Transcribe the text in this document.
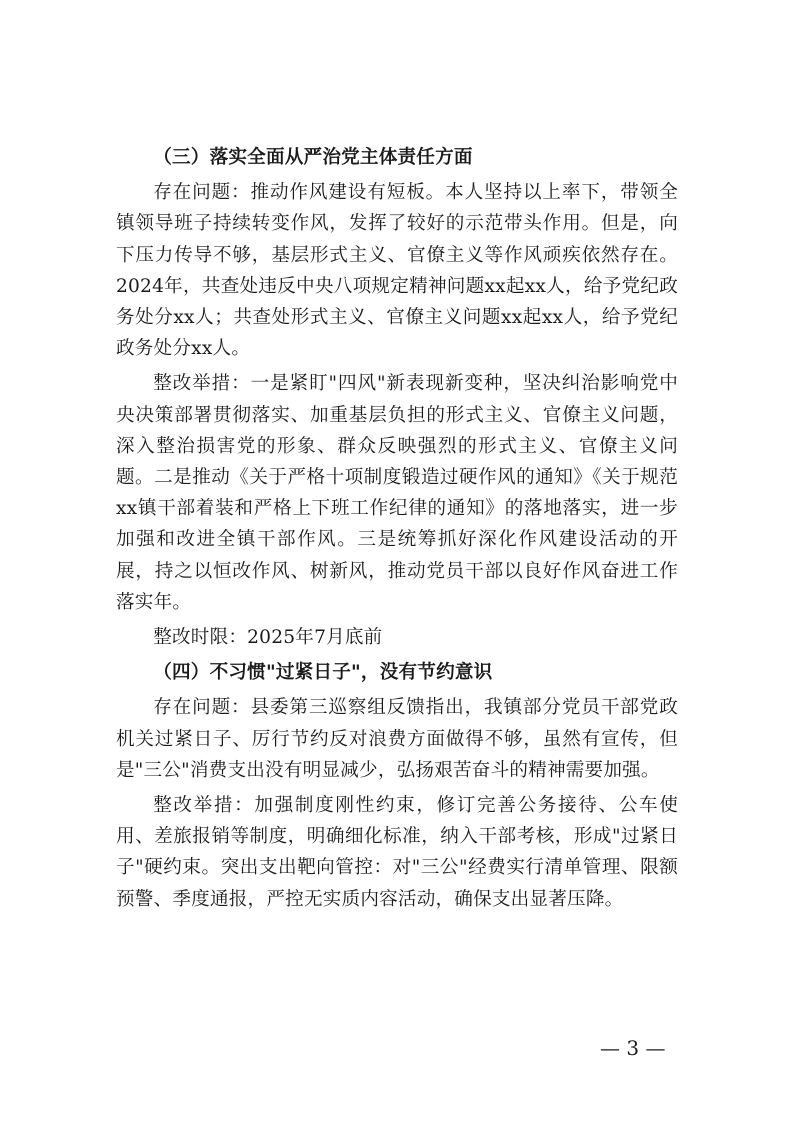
（三）落实全面从严治党主体责任方面

存在问题：推动作风建设有短板。本人坚持以上率下，带领全镇领导班子持续转变作风，发挥了较好的示范带头作用。但是，向下压力传导不够，基层形式主义、官僚主义等作风顽疾依然存在。2024年，共查处违反中央八项规定精神问题xx起xx人，给予党纪政务处分xx人；共查处形式主义、官僚主义问题xx起xx人，给予党纪政务处分xx人。

整改举措：一是紧盯"四风"新表现新变种，坚决纠治影响党中央决策部署贯彻落实、加重基层负担的形式主义、官僚主义问题，深入整治损害党的形象、群众反映强烈的形式主义、官僚主义问题。二是推动《关于严格十项制度锻造过硬作风的通知》《关于规范xx镇干部着装和严格上下班工作纪律的通知》的落地落实，进一步加强和改进全镇干部作风。三是统筹抓好深化作风建设活动的开展，持之以恒改作风、树新风，推动党员干部以良好作风奋进工作落实年。

整改时限：2025年7月底前

（四）不习惯"过紧日子"，没有节约意识

存在问题：县委第三巡察组反馈指出，我镇部分党员干部党政机关过紧日子、厉行节约反对浪费方面做得不够，虽然有宣传，但是"三公"消费支出没有明显减少，弘扬艰苦奋斗的精神需要加强。

整改举措：加强制度刚性约束，修订完善公务接待、公车使用、差旅报销等制度，明确细化标准，纳入干部考核，形成"过紧日子"硬约束。突出支出靶向管控：对"三公"经费实行清单管理、限额预警、季度通报，严控无实质内容活动，确保支出显著压降。

— 3 —
